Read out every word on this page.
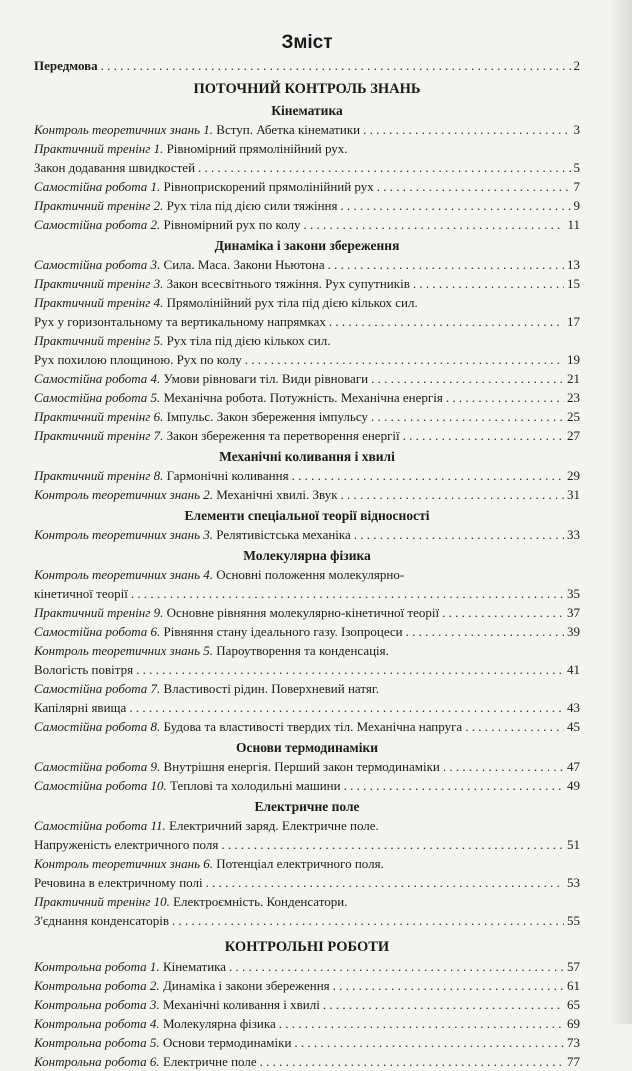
Зміст
Передмова . . .	2
ПОТОЧНИЙ КОНТРОЛЬ ЗНАНЬ
Кінематика
Контроль теоретичних знань 1. Вступ. Абетка кінематики . . .	3
Практичний тренінг 1. Рівномірний прямолінійний рух.
Закон додавання швидкостей . . .	5
Самостійна робота 1. Рівноприскорений прямолінійний рух . . .	7
Практичний тренінг 2. Рух тіла під дією сили тяжіння . . .	9
Самостійна робота 2. Рівномірний рух по колу . . .	11
Динаміка і закони збереження
Самостійна робота 3. Сила. Маса. Закони Ньютона . . .	13
Практичний тренінг 3. Закон всесвітнього тяжіння. Рух супутників . . .	15
Практичний тренінг 4. Прямолінійний рух тіла під дією кількох сил.
Рух у горизонтальному та вертикальному напрямках . . .	17
Практичний тренінг 5. Рух тіла під дією кількох сил.
Рух похилою площиною. Рух по колу . . .	19
Самостійна робота 4. Умови рівноваги тіл. Види рівноваги . . .	21
Самостійна робота 5. Механічна робота. Потужність. Механічна енергія . . .	23
Практичний тренінг 6. Імпульс. Закон збереження імпульсу . . .	25
Практичний тренінг 7. Закон збереження та перетворення енергії . . .	27
Механічні коливання і хвилі
Практичний тренінг 8. Гармонічні коливання . . .	29
Контроль теоретичних знань 2. Механічні хвилі. Звук . . .	31
Елементи спеціальної теорії відносності
Контроль теоретичних знань 3. Релятивістська механіка . . .	33
Молекулярна фізика
Контроль теоретичних знань 4. Основні положення молекулярно-
кінетичної теорії . . .	35
Практичний тренінг 9. Основне рівняння молекулярно-кінетичної теорії . . .	37
Самостійна робота 6. Рівняння стану ідеального газу. Ізопроцеси . . .	39
Контроль теоретичних знань 5. Пароутворення та конденсація.
Вологість повітря . . .	41
Самостійна робота 7. Властивості рідин. Поверхневий натяг.
Капілярні явища . . .	43
Самостійна робота 8. Будова та властивості твердих тіл. Механічна напруга . . .	45
Основи термодинаміки
Самостійна робота 9. Внутрішня енергія. Перший закон термодинаміки . . .	47
Самостійна робота 10. Теплові та холодильні машини . . .	49
Електричне поле
Самостійна робота 11. Електричний заряд. Електричне поле.
Напруженість електричного поля . . .	51
Контроль теоретичних знань 6. Потенціал електричного поля.
Речовина в електричному полі . . .	53
Практичний тренінг 10. Електроємність. Конденсатори.
З'єднання конденсаторів . . .	55
КОНТРОЛЬНІ РОБОТИ
Контрольна робота 1. Кінематика . . .	57
Контрольна робота 2. Динаміка і закони збереження . . .	61
Контрольна робота 3. Механічні коливання і хвилі . . .	65
Контрольна робота 4. Молекулярна фізика . . .	69
Контрольна робота 5. Основи термодинаміки . . .	73
Контрольна робота 6. Електричне поле . . .	77
